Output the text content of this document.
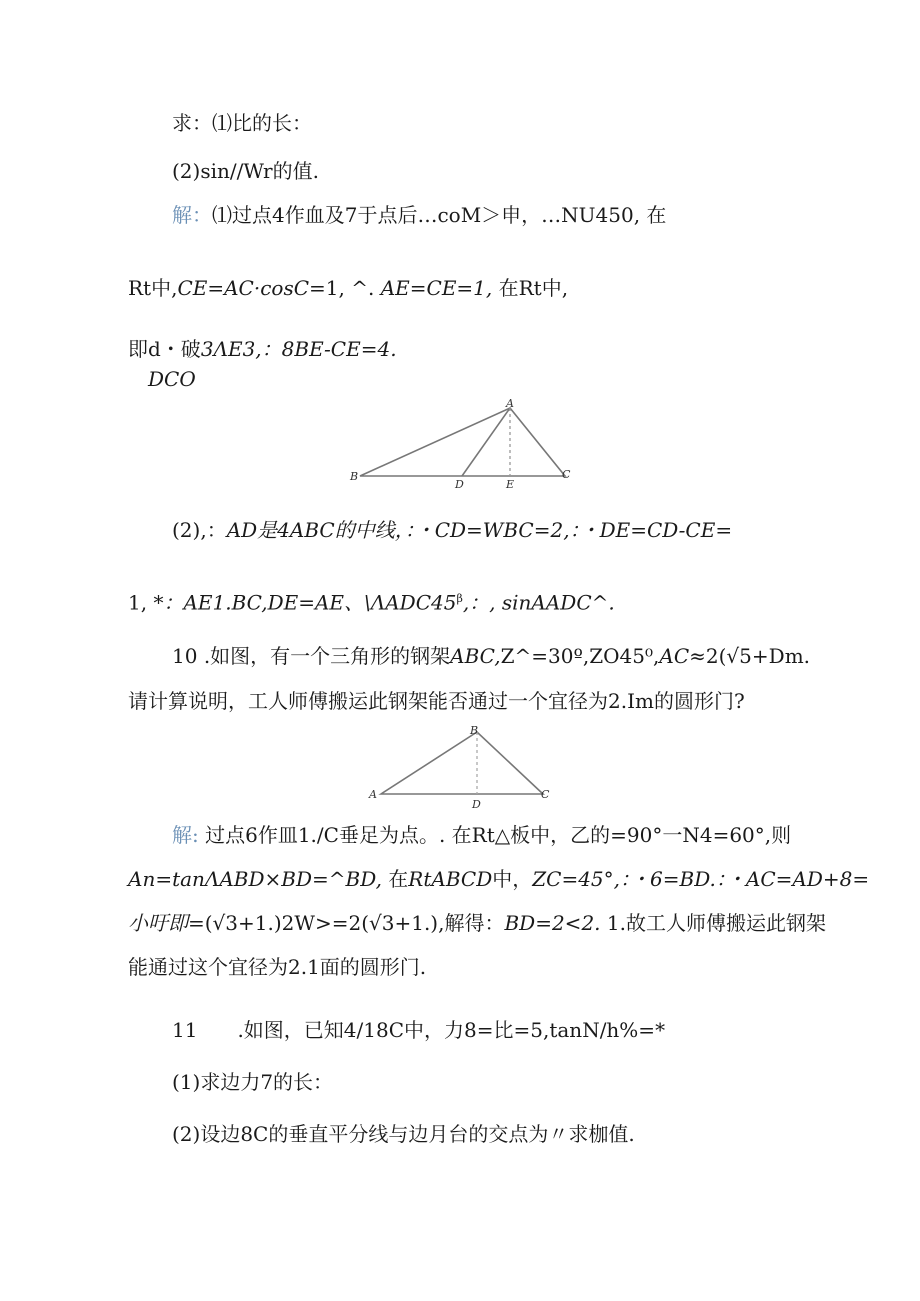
求：⑴比的长：
(2)sin//Wr的值.
解：⑴过点4作血及7于点后…coM＞申，…NU450, 在
Rt中,CE=AC·cosC=1, ^. AE=CE=1, 在Rt中,
即d・破3ΛE3,：8BE-CE=4.
DCO
A
B	C
D	E
(2),：AD是4ABC的中线，：・CD=WBC=2,：・DE=CD-CE=
1, *：AE1.BC,DE=AE、$\backslash\Lambda ADC45^\beta$,：, sinAADC^.
10 .如图，有一个三角形的钢架ABC,Z^=30º,ZO45⁰,AC≈2(√5+Dm.
请计算说明，工人师傅搬运此钢架能否通过一个宜径为2.Im的圆形门?
B
A	C
D
解: 过点6作皿1./C垂足为点。. 在Rt△板中，乙的=90°一N4=60°,则
An=tanΛABD×BD=^BD, 在RtABCD中，ZC=45°,：・6=BD.：・AC=AD+8=
小吁即=(√3+1.)2W>=2(√3+1.),解得：BD=2<2. 1.故工人师傅搬运此钢架
能通过这个宜径为2.1面的圆形门.
11 .如图，已知4/18C中，力8=比=5,tanN/h%=*
(1)求边力7的长：
(2)设边8C的垂直平分线与边月台的交点为〃求枷值.
